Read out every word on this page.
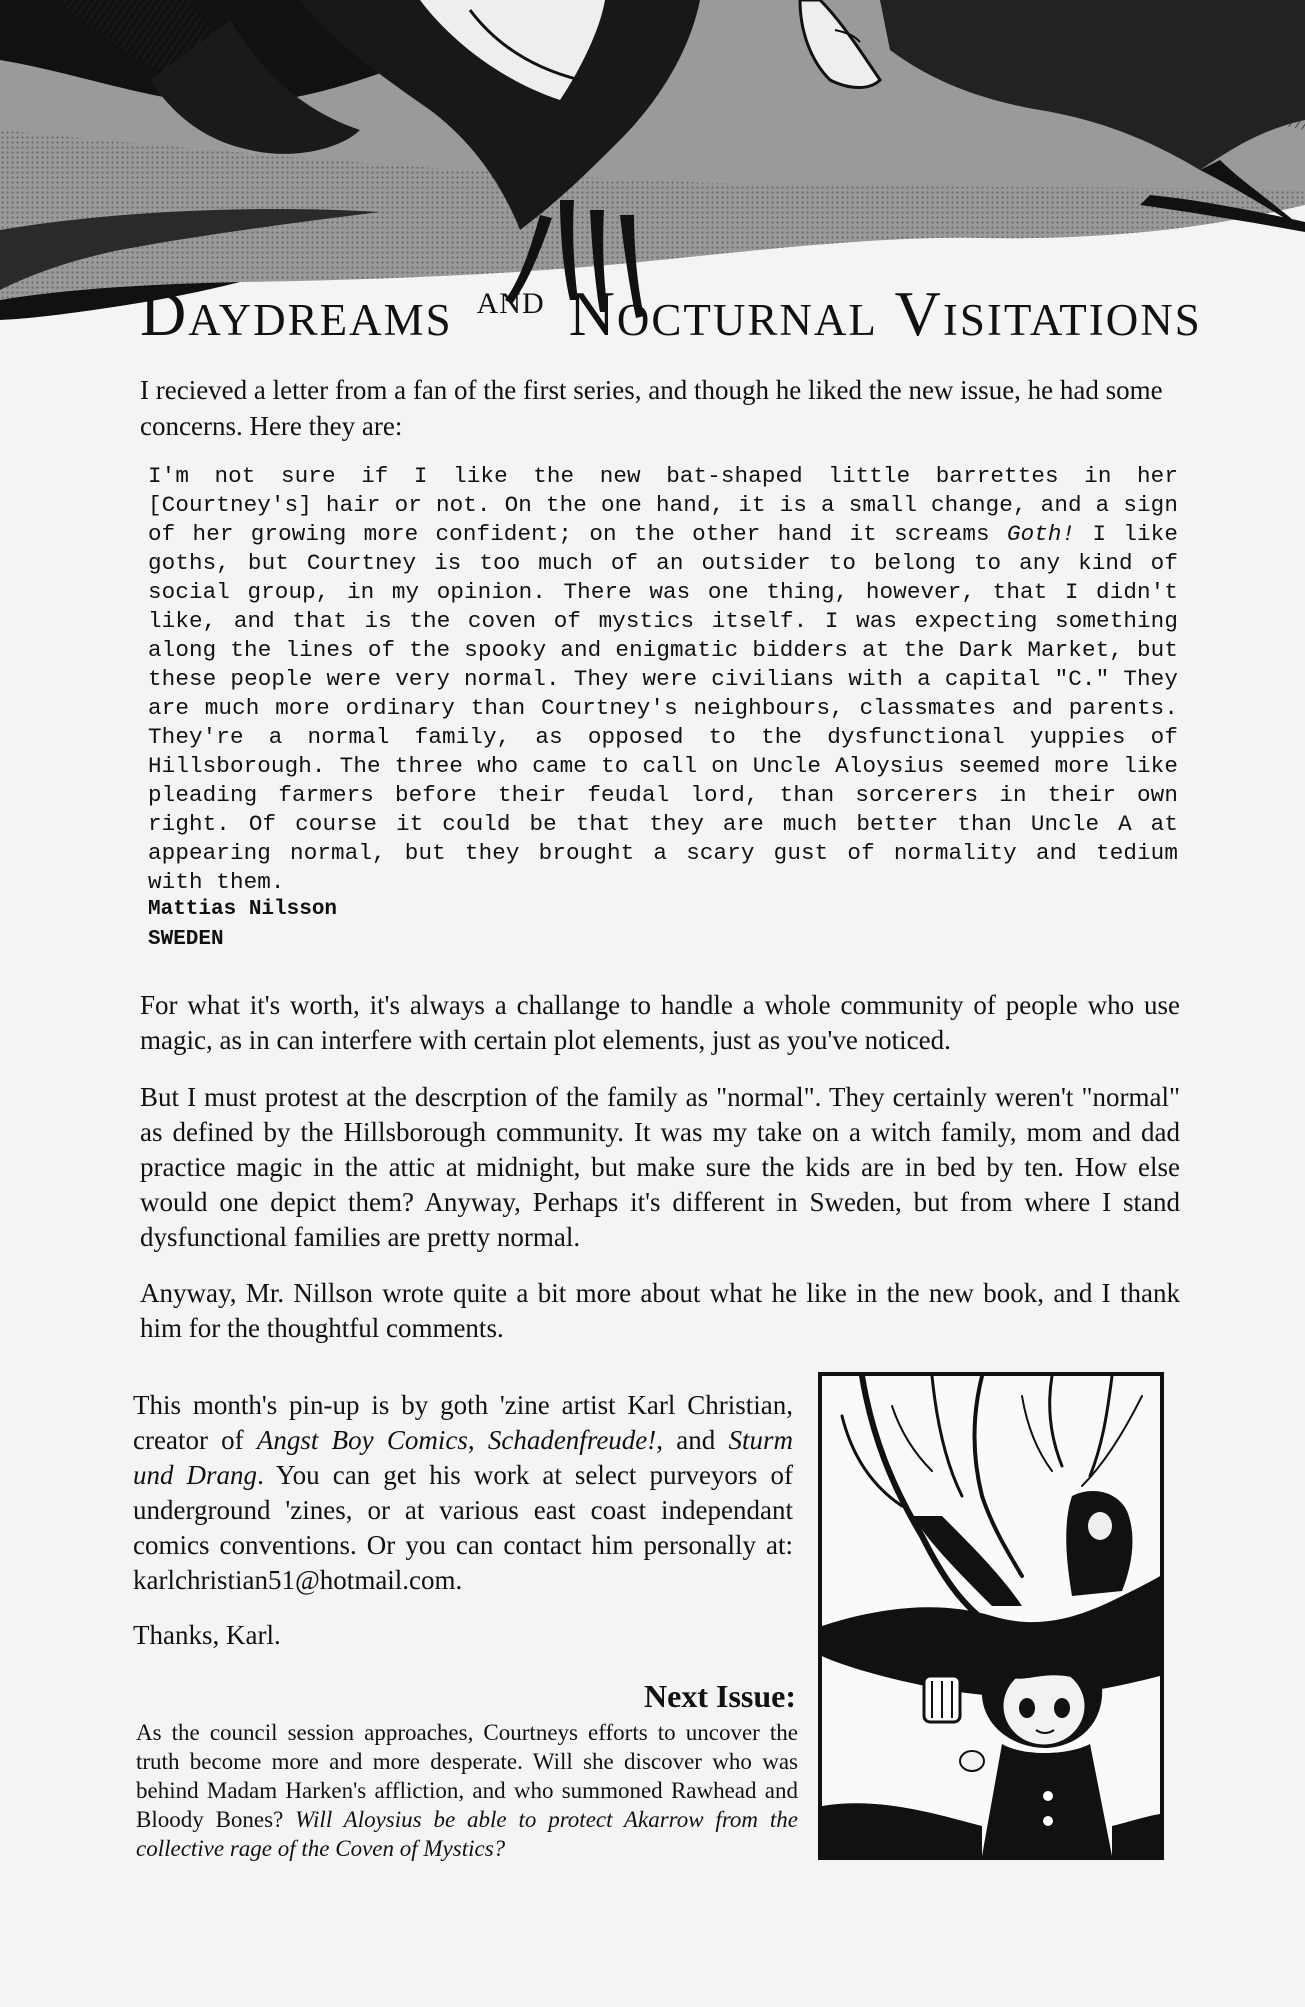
Daydreams $^{AND}$ Nocturnal Visitations
I recieved a letter from a fan of the first series, and though he liked the new issue, he had some concerns. Here they are:
I'm not sure if I like the new bat-shaped little barrettes in her [Courtney's] hair or not. On the one hand, it is a small change, and a sign of her growing more confident; on the other hand it screams Goth! I like goths, but Courtney is too much of an outsider to belong to any kind of social group, in my opinion. There was one thing, however, that I didn't like, and that is the coven of mystics itself. I was expecting something along the lines of the spooky and enigmatic bidders at the Dark Market, but these people were very normal. They were civilians with a capital "C." They are much more ordinary than Courtney's neighbours, classmates and parents. They're a normal family, as opposed to the dysfunctional yuppies of Hillsborough. The three who came to call on Uncle Aloysius seemed more like pleading farmers before their feudal lord, than sorcerers in their own right. Of course it could be that they are much better than Uncle A at appearing normal, but they brought a scary gust of normality and tedium with them.
Mattias Nilsson
SWEDEN
For what it's worth, it's always a challange to handle a whole community of people who use magic, as in can interfere with certain plot elements, just as you've noticed.
But I must protest at the descrption of the family as "normal". They certainly weren't "normal" as defined by the Hillsborough community. It was my take on a witch family, mom and dad practice magic in the attic at midnight, but make sure the kids are in bed by ten. How else would one depict them? Anyway, Perhaps it's different in Sweden, but from where I stand dysfunctional families are pretty normal.
Anyway, Mr. Nillson wrote quite a bit more about what he like in the new book, and I thank him for the thoughtful comments.
This month's pin-up is by goth 'zine artist Karl Christian, creator of Angst Boy Comics, Schadenfreude!, and Sturm und Drang. You can get his work at select purveyors of underground 'zines, or at various east coast independant comics conventions. Or you can contact him personally at: karlchristian51@hotmail.com.
Thanks, Karl.
Next Issue:
As the council session approaches, Courtneys efforts to uncover the truth become more and more desperate. Will she discover who was behind Madam Harken's affliction, and who summoned Rawhead and Bloody Bones? Will Aloysius be able to protect Akarrow from the collective rage of the Coven of Mystics?
